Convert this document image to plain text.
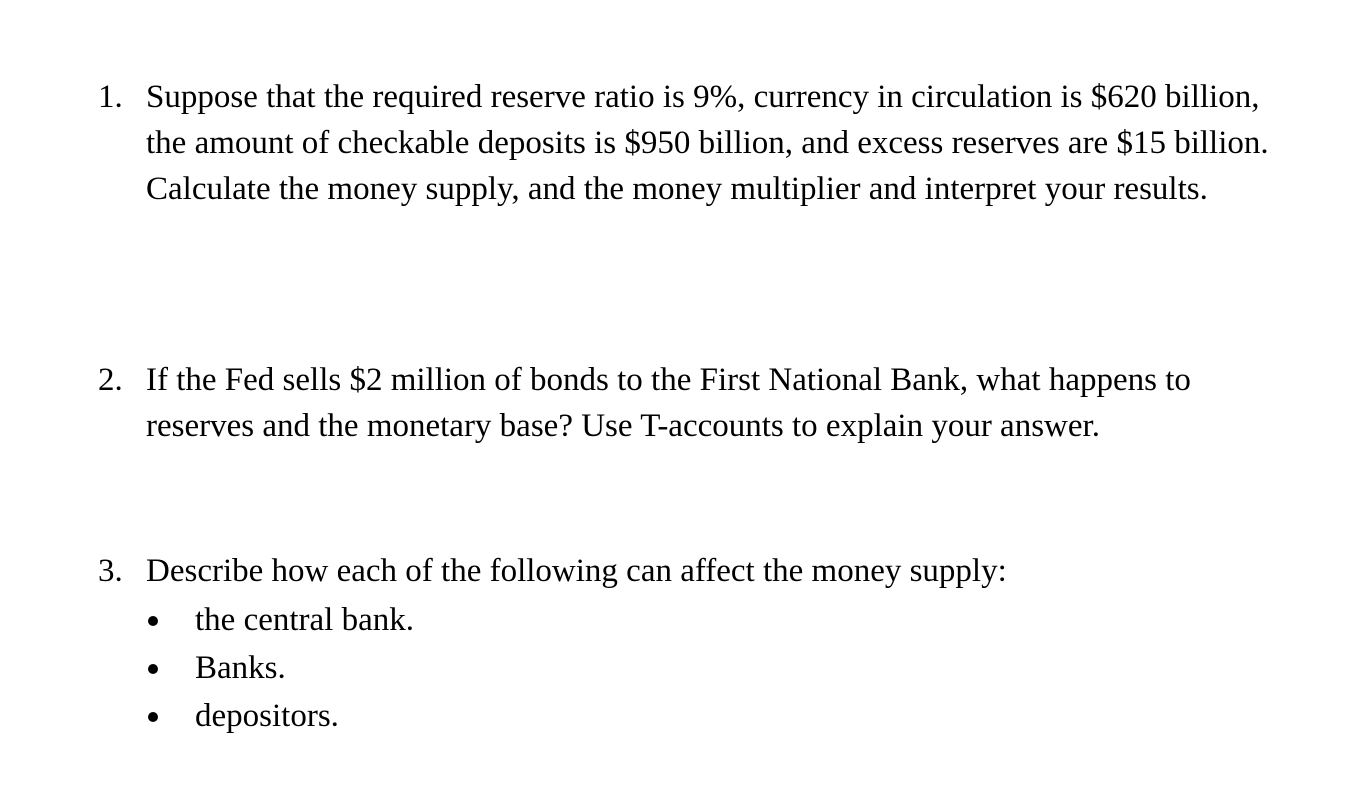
1. Suppose that the required reserve ratio is 9%, currency in circulation is $620 billion, the amount of checkable deposits is $950 billion, and excess reserves are $15 billion. Calculate the money supply, and the money multiplier and interpret your results.
2. If the Fed sells $2 million of bonds to the First National Bank, what happens to reserves and the monetary base? Use T-accounts to explain your answer.
3. Describe how each of the following can affect the money supply:
the central bank.
Banks.
depositors.
